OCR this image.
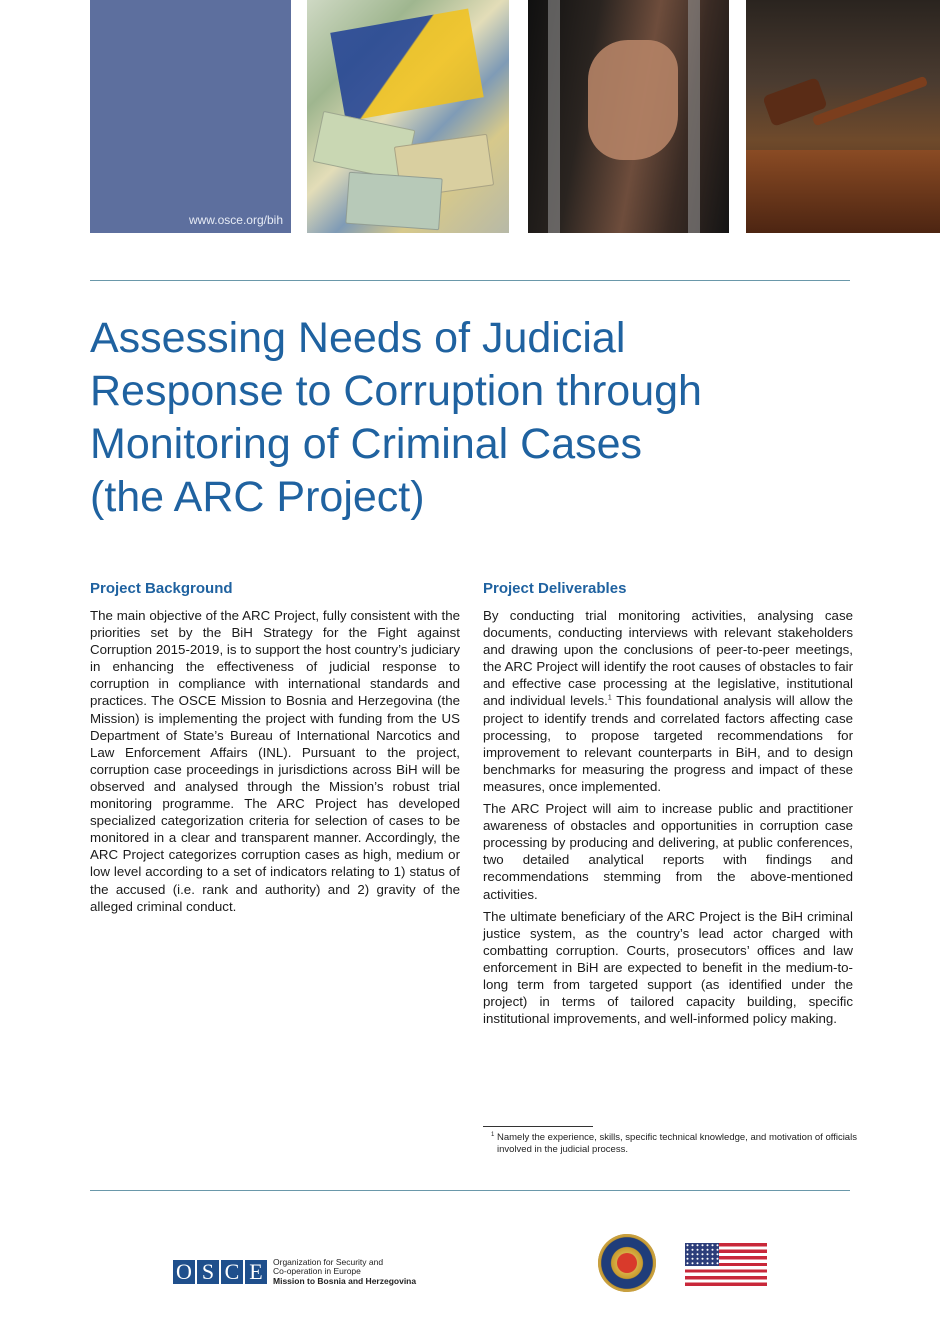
www.osce.org/bih
Assessing Needs of Judicial
Response to Corruption through
Monitoring of Criminal Cases
(the ARC Project)
Project Background

The main objective of the ARC Project, fully consistent with the priorities set by the BiH Strategy for the Fight against Corruption 2015-2019, is to support the host country’s judiciary in enhancing the effectiveness of judicial response to corruption in compliance with international standards and practices. The OSCE Mission to Bosnia and Herzegovina (the Mission) is implementing the project with funding from the US Department of State’s Bureau of International Narcotics and Law Enforcement Affairs (INL). Pursuant to the project, corruption case proceedings in jurisdictions across BiH will be observed and analysed through the Mission’s robust trial monitoring programme. The ARC Project has developed specialized categorization criteria for selection of cases to be monitored in a clear and transparent manner. Accordingly, the ARC Project categorizes corruption cases as high, medium or low level according to a set of indicators relating to 1) status of the accused (i.e. rank and authority) and 2) gravity of the alleged criminal conduct.

Project Deliverables

By conducting trial monitoring activities, analysing case documents, conducting interviews with relevant stakeholders and drawing upon the conclusions of peer-to-peer meetings, the ARC Project will identify the root causes of obstacles to fair and effective case processing at the legislative, institutional and individual levels.$^1$ This foundational analysis will allow the project to identify trends and correlated factors affecting case processing, to propose targeted recommendations for improvement to relevant counterparts in BiH, and to design benchmarks for measuring the progress and impact of these measures, once implemented.

The ARC Project will aim to increase public and practitioner awareness of obstacles and opportunities in corruption case processing by producing and delivering, at public conferences, two detailed analytical reports with findings and recommendations stemming from the above-mentioned activities.

The ultimate beneficiary of the ARC Project is the BiH criminal justice system, as the country’s lead actor charged with combatting corruption. Courts, prosecutors’ offices and law enforcement in BiH are expected to benefit in the medium-to-long term from targeted support (as identified under the project) in terms of tailored capacity building, specific institutional improvements, and well-informed policy making.

1 Namely the experience, skills, specific technical knowledge, and motivation of officials involved in the judicial process.
O S C E	Organization for Security and
Co-operation in Europe
Mission to Bosnia and Herzegovina
